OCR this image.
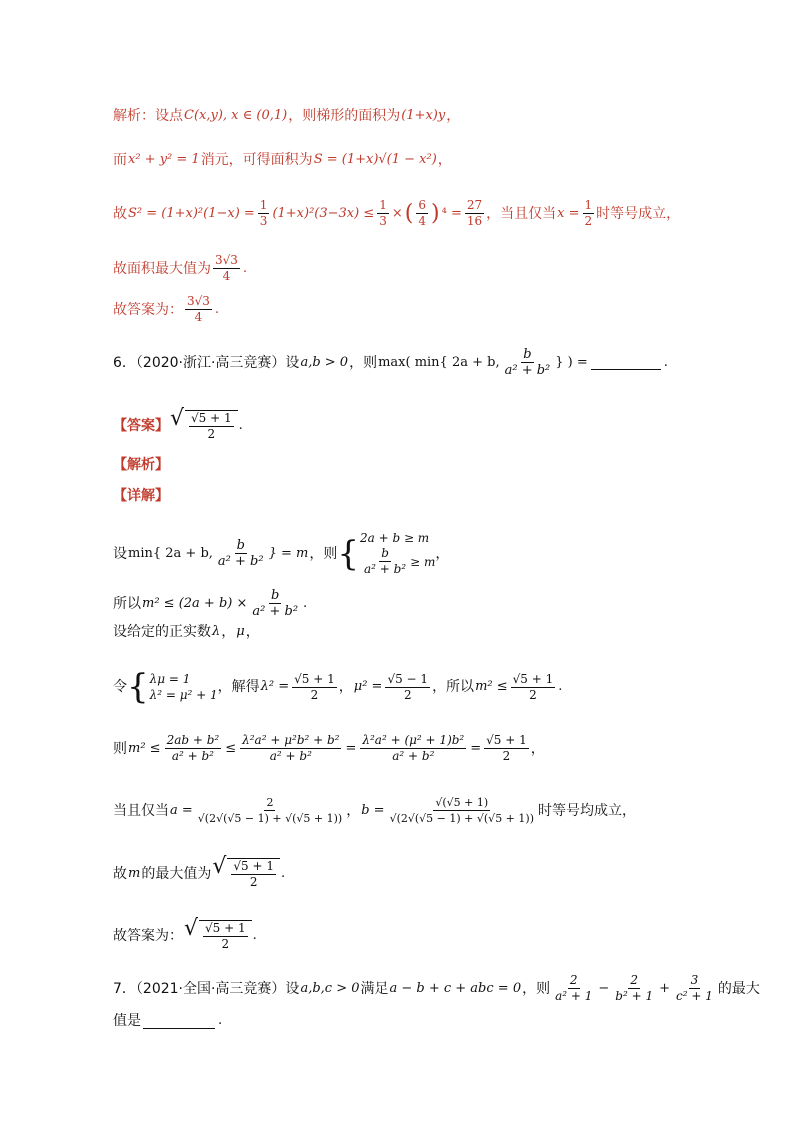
解析：设点 C(x,y), x ∈ (0,1) ，则梯形的面积为 (1+x)y ，
而 x² + y² = 1 消元，可得面积为 S = (1+x)√(1 − x²) ，
故 $S^2 = (1+x)^2(1-x) = \frac{1}{3} (1+x)^2(3-3x) \le \frac{1}{3}$ × ( $\frac{6}{4}$ ) $^4 = \frac{27}{16}$ ，当且仅当 $x = \frac{1}{2}$ 时等号成立，
故面积最大值为 $\frac{3√3}{4}$ .
故答案为： $\frac{3√3}{4}$ .
6．（2020·浙江·高三竞赛）设 a,b > 0 ，则 max( min{ 2a + b, $\frac{b}{\text{a² + b²}}$ } ) =	.
【答案】 √ $\frac{√5 + 1}{2}$ .
【解析】
【详解】
设 min{ 2a + b, $\frac{b}{\text{a² + b²}}$ } = m ，则 { 2a + b ≥ m
$\frac{b}{\text{a² + b²}} \ge m$ ，
所以 $m^2 \le (2a + b) \times \frac{b}{\text{a² + b²}}$ .
设给定的正实数 λ ， μ ，
令 { λμ = 1
λ² = μ² + 1 ，解得 $\lambda^2 = \frac{√5 + 1}{2}$ ， $\mu^2 = \frac{√5 - 1}{2}$ ，所以 $m^2 \le \frac{√5 + 1}{2}$ .
则 $m^2 \le \frac{\text{2ab + b²}}{\text{a² + b²}} \le \frac{\text{λ²a² + μ²b² + b²}}{\text{a² + b²}} = \frac{\text{λ²a² + (μ² + 1)b²}}{\text{a² + b²}} = \frac{√5 + 1}{2}$ ，
当且仅当 $a = \frac{2}{√(2√(√5 - 1) + √(√5 + 1))}$ ， $b = \frac{√(√5 + 1)}{√(2√(√5 - 1) + √(√5 + 1))}$ 时等号均成立，
故 m 的最大值为 √ $\frac{√5 + 1}{2}$ .
故答案为： √ $\frac{√5 + 1}{2}$ .
7．（2021·全国·高三竞赛）设 a,b,c > 0 满足 a − b + c + abc = 0 ，则 $\frac{2}{\text{a² + 1}} - \frac{2}{\text{b² + 1}} + \frac{3}{\text{c² + 1}}$ 的最大
值是	.
